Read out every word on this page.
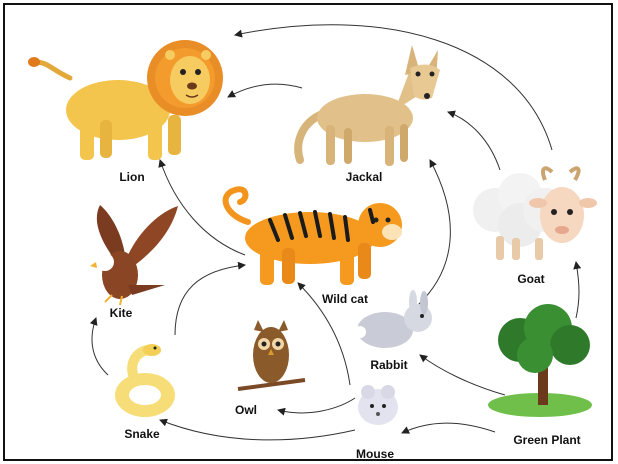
Lion	Jackal
Goat
Wild cat
Kite
Rabbit
Owl
Snake
Mouse
Green Plant
